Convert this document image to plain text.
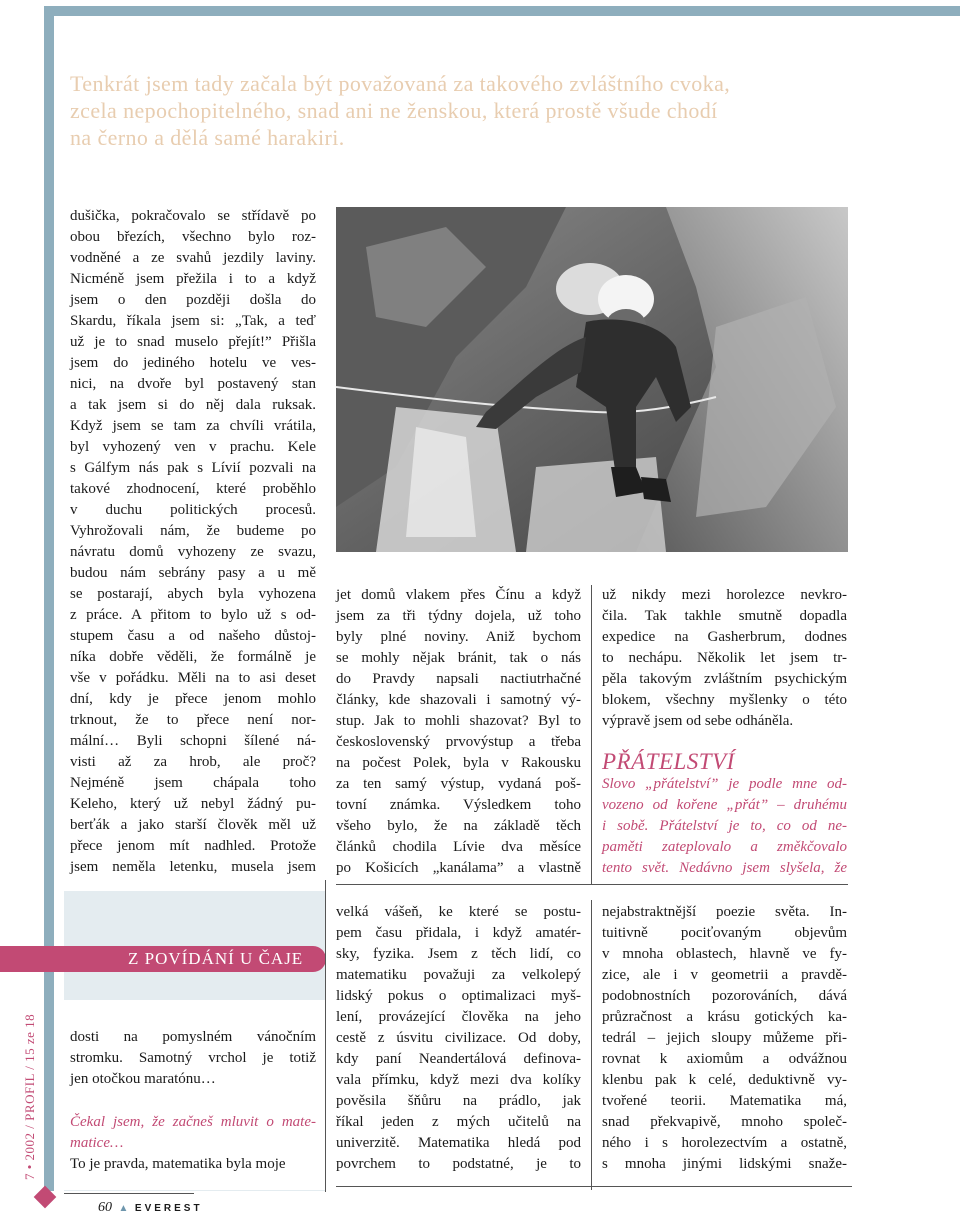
Tenkrát jsem tady začala být považovaná za takového zvláštního cvoka,

zcela nepochopitelného, snad ani ne ženskou, která prostě všude chodí

na černo a dělá samé harakiri.

dušička, pokračovalo se střídavě po

obou březích, všechno bylo roz-

vodněné a ze svahů jezdily laviny.

Nicméně jsem přežila i to a když

jsem o den později došla do

Skardu, říkala jsem si: „Tak, a teď

už je to snad muselo přejít!” Přišla

jsem do jediného hotelu ve ves-

nici, na dvoře byl postavený stan

a tak jsem si do něj dala ruksak.

Když jsem se tam za chvíli vrátila,

byl vyhozený ven v prachu. Kele

s Gálfym nás pak s Lívií pozvali na

takové zhodnocení, které proběhlo

v duchu politických procesů.

Vyhrožovali nám, že budeme po

návratu domů vyhozeny ze svazu,

budou nám sebrány pasy a u mě

se postarají, abych byla vyhozena

z práce. A přitom to bylo už s od-

stupem času a od našeho důstoj-

níka dobře věděli, že formálně je

vše v pořádku. Měli na to asi deset

dní, kdy je přece jenom mohlo

trknout, že to přece není nor-

mální… Byli schopni šílené ná-

visti až za hrob, ale proč?

Nejméně jsem chápala toho

Keleho, který už nebyl žádný pu-

berťák a jako starší člověk měl už

přece jenom mít nadhled. Protože

jsem neměla letenku, musela jsem

jet domů vlakem přes Čínu a když

jsem za tři týdny dojela, už toho

byly plné noviny. Aniž bychom

se mohly nějak bránit, tak o nás

do Pravdy napsali nactiutrhačné

články, kde shazovali i samotný vý-

stup. Jak to mohli shazovat? Byl to

československý prvovýstup a třeba

na počest Polek, byla v Rakousku

za ten samý výstup, vydaná poš-

tovní známka. Výsledkem toho

všeho bylo, že na základě těch

článků chodila Lívie dva měsíce

po Košicích „kanálama” a vlastně

už nikdy mezi horolezce nevkro-

čila. Tak takhle smutně dopadla

expedice na Gasherbrum, dodnes

to nechápu. Několik let jsem tr-

pěla takovým zvláštním psychickým

blokem, všechny myšlenky o této

výpravě jsem od sebe odháněla.

PŘÁTELSTVÍ

Slovo „přátelství” je podle mne od-

vozeno od kořene „přát” – druhému

i sobě. Přátelství je to, co od ne-

paměti zateplovalo a změkčovalo

tento svět. Nedávno jsem slyšela, že

velká vášeň, ke které se postu-

pem času přidala, i když amatér-

sky, fyzika. Jsem z těch lidí, co

matematiku považuji za velkolepý

lidský pokus o optimalizaci myš-

lení, provázející člověka na jeho

cestě z úsvitu civilizace. Od doby,

kdy paní Neandertálová definova-

vala přímku, když mezi dva kolíky

pověsila šňůru na prádlo, jak

říkal jeden z mých učitelů na

univerzitě. Matematika hledá pod

povrchem to podstatné, je to

nejabstraktnější poezie světa. In-

tuitivně pociťovaným objevům

v mnoha oblastech, hlavně ve fy-

zice, ale i v geometrii a pravdě-

podobnostních pozorováních, dává

průzračnost a krásu gotických ka-

tedrál – jejich sloupy můžeme při-

rovnat k axiomům a odvážnou

klenbu pak k celé, deduktivně vy-

tvořené teorii. Matematika má,

snad překvapivě, mnoho společ-

ného i s horolezectvím a ostatně,

s mnoha jinými lidskými snaže-

Z POVÍDÁNÍ U ČAJE

dosti na pomyslném vánočním

stromku. Samotný vrchol je totiž

jen otočkou maratónu…

Čekal jsem, že začneš mluvit o mate-

matice…

To je pravda, matematika byla moje

7 • 2002 / PROFIL / 15 ze 18
60 ▲ EVEREST
